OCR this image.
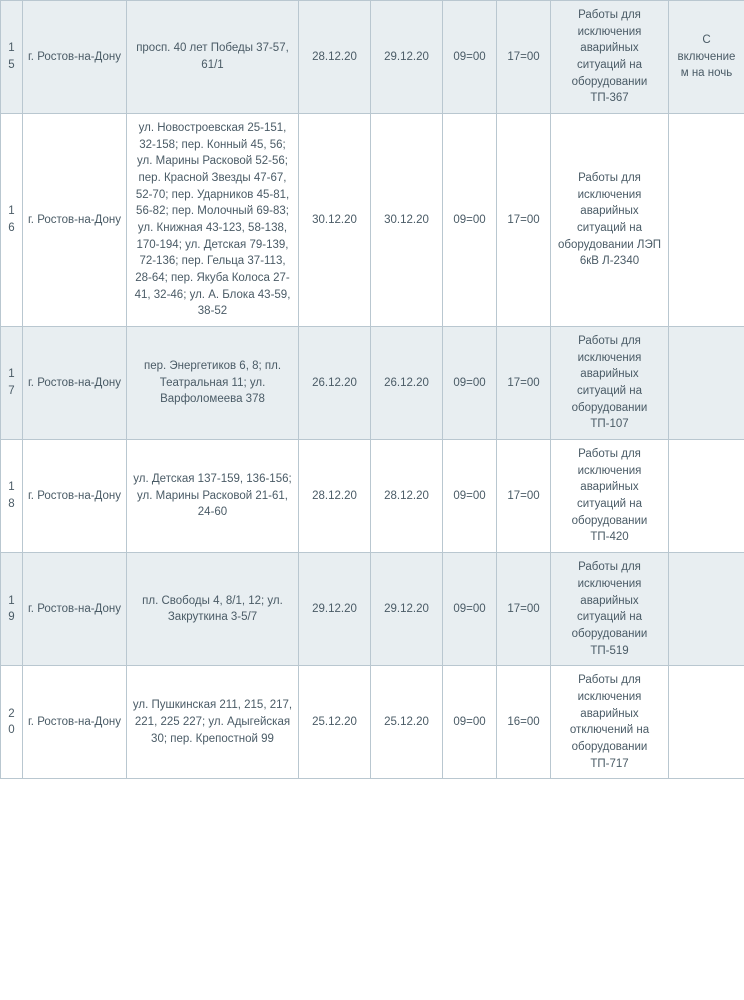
15	г. Ростов-на-Дону	просп. 40 лет Победы 37-57, 61/1	28.12.20	29.12.20	09=00	17=00	Работы для исключения аварийных ситуаций на оборудовании ТП-367	С включением на ночь
16	г. Ростов-на-Дону	ул. Новостроевская 25-151, 32-158; пер. Конный 45, 56; ул. Марины Расковой 52-56; пер. Красной Звезды 47-67, 52-70; пер. Ударников 45-81, 56-82; пер. Молочный 69-83; ул. Книжная 43-123, 58-138, 170-194; ул. Детская 79-139, 72-136; пер. Гельца 37-113, 28-64; пер. Якуба Колоса 27-41, 32-46; ул. А. Блока 43-59, 38-52	30.12.20	30.12.20	09=00	17=00	Работы для исключения аварийных ситуаций на оборудовании ЛЭП 6кВ Л-2340	
17	г. Ростов-на-Дону	пер. Энергетиков 6, 8; пл. Театральная 11; ул. Варфоломеева 378	26.12.20	26.12.20	09=00	17=00	Работы для исключения аварийных ситуаций на оборудовании ТП-107	
18	г. Ростов-на-Дону	ул. Детская 137-159, 136-156; ул. Марины Расковой 21-61, 24-60	28.12.20	28.12.20	09=00	17=00	Работы для исключения аварийных ситуаций на оборудовании ТП-420	
19	г. Ростов-на-Дону	пл. Свободы 4, 8/1, 12; ул. Закруткина 3-5/7	29.12.20	29.12.20	09=00	17=00	Работы для исключения аварийных ситуаций на оборудовании ТП-519	
20	г. Ростов-на-Дону	ул. Пушкинская 211, 215, 217, 221, 225 227; ул. Адыгейская 30; пер. Крепостной 99	25.12.20	25.12.20	09=00	16=00	Работы для исключения аварийных отключений на оборудовании ТП-717	
